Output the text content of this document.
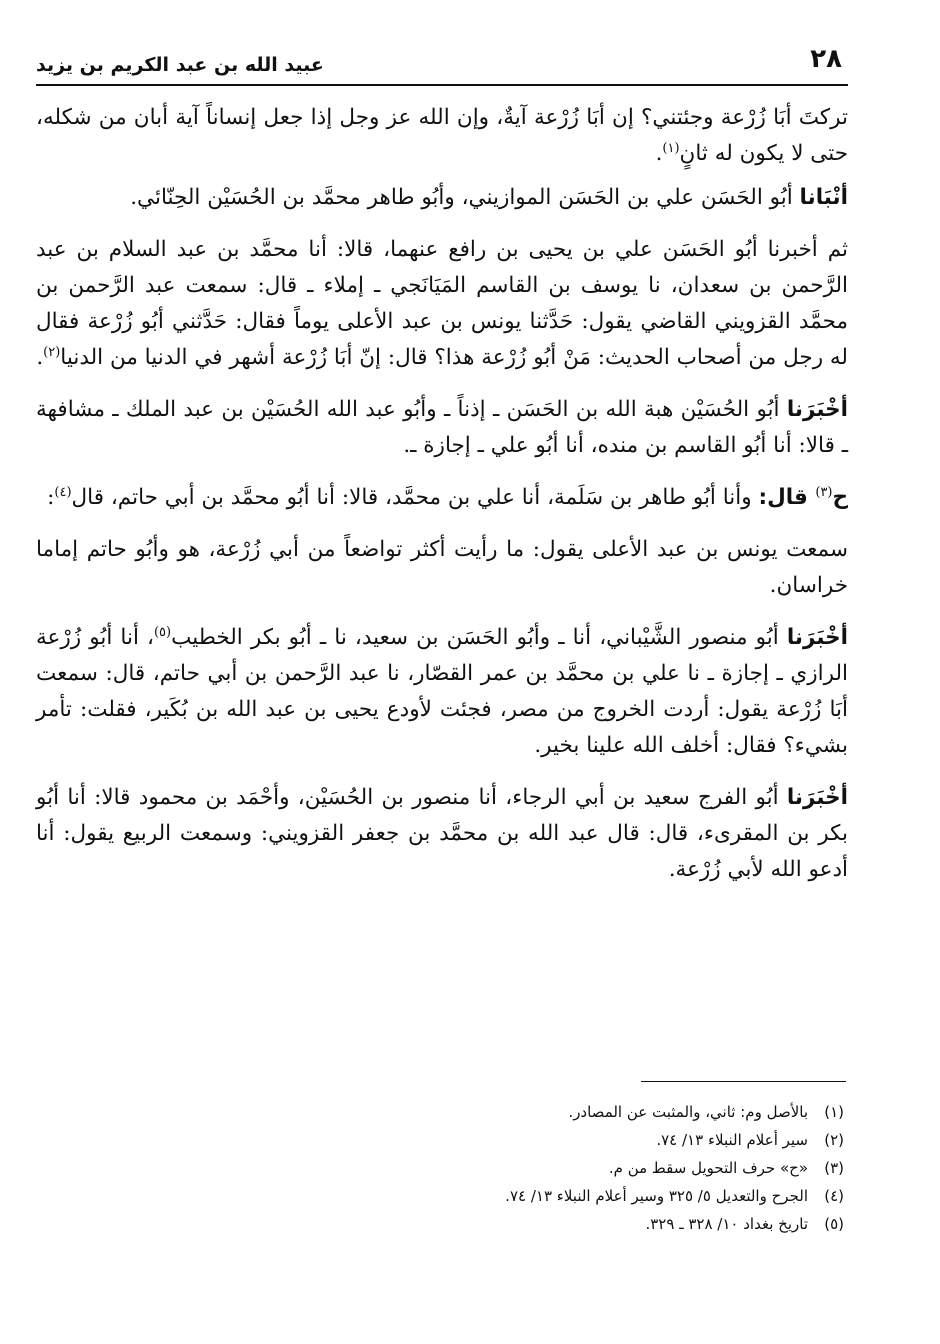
٢٨
عبيد الله بن عبد الكريم بن يزيد

تركتَ أبَا زُرْعة وجئتني؟ إن أبَا زُرْعة آيةٌ، وإن الله عز وجل إذا جعل إنساناً آية أبان من شكله، حتى لا يكون له ثانٍ$^{(١)}$.

أنْبَانا أبُو الحَسَن علي بن الحَسَن الموازيني، وأبُو طاهر محمَّد بن الحُسَيْن الحِنّائي.

ثم أخبرنا أبُو الحَسَن علي بن يحيى بن رافع عنهما، قالا: أنا محمَّد بن عبد السلام بن عبد الرَّحمن بن سعدان، نا يوسف بن القاسم المَيَانَجي ـ إملاء ـ قال: سمعت عبد الرَّحمن بن محمَّد القزويني القاضي يقول: حَدَّثنا يونس بن عبد الأعلى يوماً فقال: حَدَّثني أبُو زُرْعة فقال له رجل من أصحاب الحديث: مَنْ أبُو زُرْعة هذا؟ قال: إنّ أبَا زُرْعة أشهر في الدنيا من الدنيا$^{(٢)}$.

أخْبَرَنا أبُو الحُسَيْن هبة الله بن الحَسَن ـ إذناً ـ وأبُو عبد الله الحُسَيْن بن عبد الملك ـ مشافهة ـ قالا: أنا أبُو القاسم بن منده، أنا أبُو علي ـ إجازة ـ.

ح$^{(٣)}$ قال: وأنا أبُو طاهر بن سَلَمة، أنا علي بن محمَّد، قالا: أنا أبُو محمَّد بن أبي حاتم، قال$^{(٤)}$:

سمعت يونس بن عبد الأعلى يقول: ما رأيت أكثر تواضعاً من أبي زُرْعة، هو وأبُو حاتم إماما خراسان.

أخْبَرَنا أبُو منصور الشَّيْباني، أنا ـ وأبُو الحَسَن بن سعيد، نا ـ أبُو بكر الخطيب$^{(٥)}$، أنا أبُو زُرْعة الرازي ـ إجازة ـ نا علي بن محمَّد بن عمر القصّار، نا عبد الرَّحمن بن أبي حاتم، قال: سمعت أبَا زُرْعة يقول: أردت الخروج من مصر، فجئت لأودع يحيى بن عبد الله بن بُكَير، فقلت: تأمر بشيء؟ فقال: أخلف الله علينا بخير.

أخْبَرَنا أبُو الفرج سعيد بن أبي الرجاء، أنا منصور بن الحُسَيْن، وأحْمَد بن محمود قالا: أنا أبُو بكر بن المقرىء، قال: قال عبد الله بن محمَّد بن جعفر القزويني: وسمعت الربيع يقول: أنا أدعو الله لأبي زُرْعة.

(١)بالأصل وم: ثاني، والمثبت عن المصادر.
(٢)سير أعلام النبلاء ١٣/ ٧٤.
(٣)«ح» حرف التحويل سقط من م.
(٤)الجرح والتعديل ٥/ ٣٢٥ وسير أعلام النبلاء ١٣/ ٧٤.
(٥)تاريخ بغداد ١٠/ ٣٢٨ ـ ٣٢٩.
